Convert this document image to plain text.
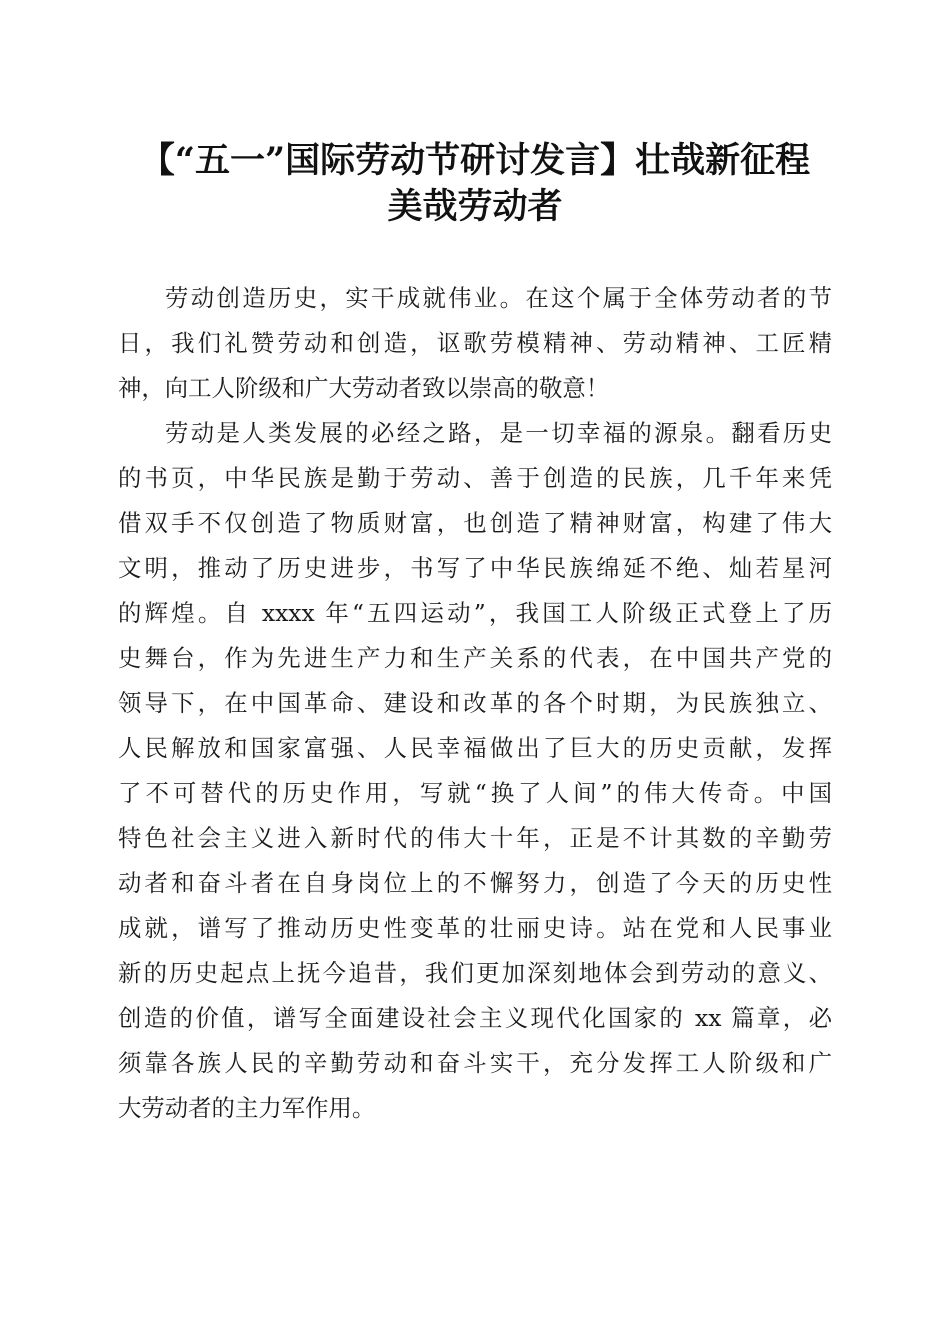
【“五一”国际劳动节研讨发言】壮哉新征程
美哉劳动者
劳动创造历史，实干成就伟业。在这个属于全体劳动者的节
日，我们礼赞劳动和创造，讴歌劳模精神、劳动精神、工匠精
神，向工人阶级和广大劳动者致以崇高的敬意！
劳动是人类发展的必经之路，是一切幸福的源泉。翻看历史
的书页，中华民族是勤于劳动、善于创造的民族，几千年来凭
借双手不仅创造了物质财富，也创造了精神财富，构建了伟大
文明，推动了历史进步，书写了中华民族绵延不绝、灿若星河
的辉煌。自 xxxx 年“五四运动”，我国工人阶级正式登上了历
史舞台，作为先进生产力和生产关系的代表，在中国共产党的
领导下，在中国革命、建设和改革的各个时期，为民族独立、
人民解放和国家富强、人民幸福做出了巨大的历史贡献，发挥
了不可替代的历史作用，写就“换了人间”的伟大传奇。中国
特色社会主义进入新时代的伟大十年，正是不计其数的辛勤劳
动者和奋斗者在自身岗位上的不懈努力，创造了今天的历史性
成就，谱写了推动历史性变革的壮丽史诗。站在党和人民事业
新的历史起点上抚今追昔，我们更加深刻地体会到劳动的意义、
创造的价值，谱写全面建设社会主义现代化国家的 xx 篇章，必
须靠各族人民的辛勤劳动和奋斗实干，充分发挥工人阶级和广
大劳动者的主力军作用。
